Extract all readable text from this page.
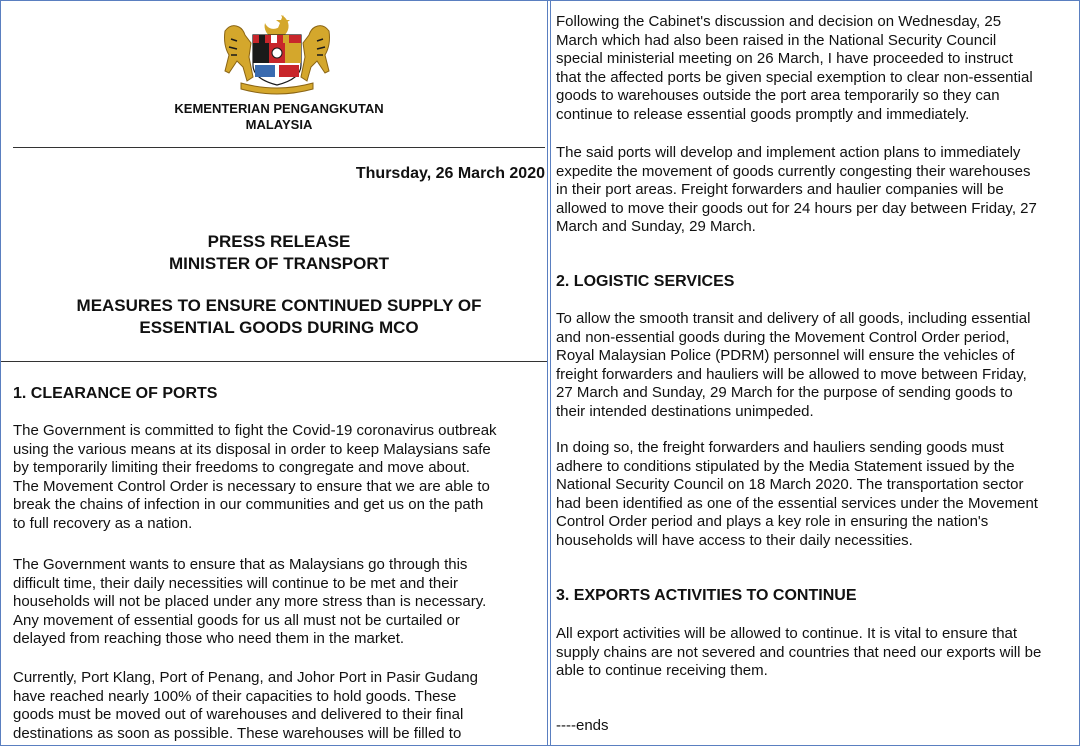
KEMENTERIAN PENGANGKUTAN
MALAYSIA

Thursday, 26 March 2020

PRESS RELEASE
MINISTER OF TRANSPORT

MEASURES TO ENSURE CONTINUED SUPPLY OF
ESSENTIAL GOODS DURING MCO

1. CLEARANCE OF PORTS

The Government is committed to fight the Covid-19 coronavirus outbreak
using the various means at its disposal in order to keep Malaysians safe
by temporarily limiting their freedoms to congregate and move about.
The Movement Control Order is necessary to ensure that we are able to
break the chains of infection in our communities and get us on the path
to full recovery as a nation.

The Government wants to ensure that as Malaysians go through this
difficult time, their daily necessities will continue to be met and their
households will not be placed under any more stress than is necessary.
Any movement of essential goods for us all must not be curtailed or
delayed from reaching those who need them in the market.

Currently, Port Klang, Port of Penang, and Johor Port in Pasir Gudang
have reached nearly 100% of their capacities to hold goods. These
goods must be moved out of warehouses and delivered to their final
destinations as soon as possible. These warehouses will be filled to

Following the Cabinet's discussion and decision on Wednesday, 25
March which had also been raised in the National Security Council
special ministerial meeting on 26 March, I have proceeded to instruct
that the affected ports be given special exemption to clear non-essential
goods to warehouses outside the port area temporarily so they can
continue to release essential goods promptly and immediately.

The said ports will develop and implement action plans to immediately
expedite the movement of goods currently congesting their warehouses
in their port areas. Freight forwarders and haulier companies will be
allowed to move their goods out for 24 hours per day between Friday, 27
March and Sunday, 29 March.

2. LOGISTIC SERVICES

To allow the smooth transit and delivery of all goods, including essential
and non-essential goods during the Movement Control Order period,
Royal Malaysian Police (PDRM) personnel will ensure the vehicles of
freight forwarders and hauliers will be allowed to move between Friday,
27 March and Sunday, 29 March for the purpose of sending goods to
their intended destinations unimpeded.

In doing so, the freight forwarders and hauliers sending goods must
adhere to conditions stipulated by the Media Statement issued by the
National Security Council on 18 March 2020. The transportation sector
had been identified as one of the essential services under the Movement
Control Order period and plays a key role in ensuring the nation's
households will have access to their daily necessities.

3. EXPORTS ACTIVITIES TO CONTINUE

All export activities will be allowed to continue. It is vital to ensure that
supply chains are not severed and countries that need our exports will be
able to continue receiving them.

----ends
